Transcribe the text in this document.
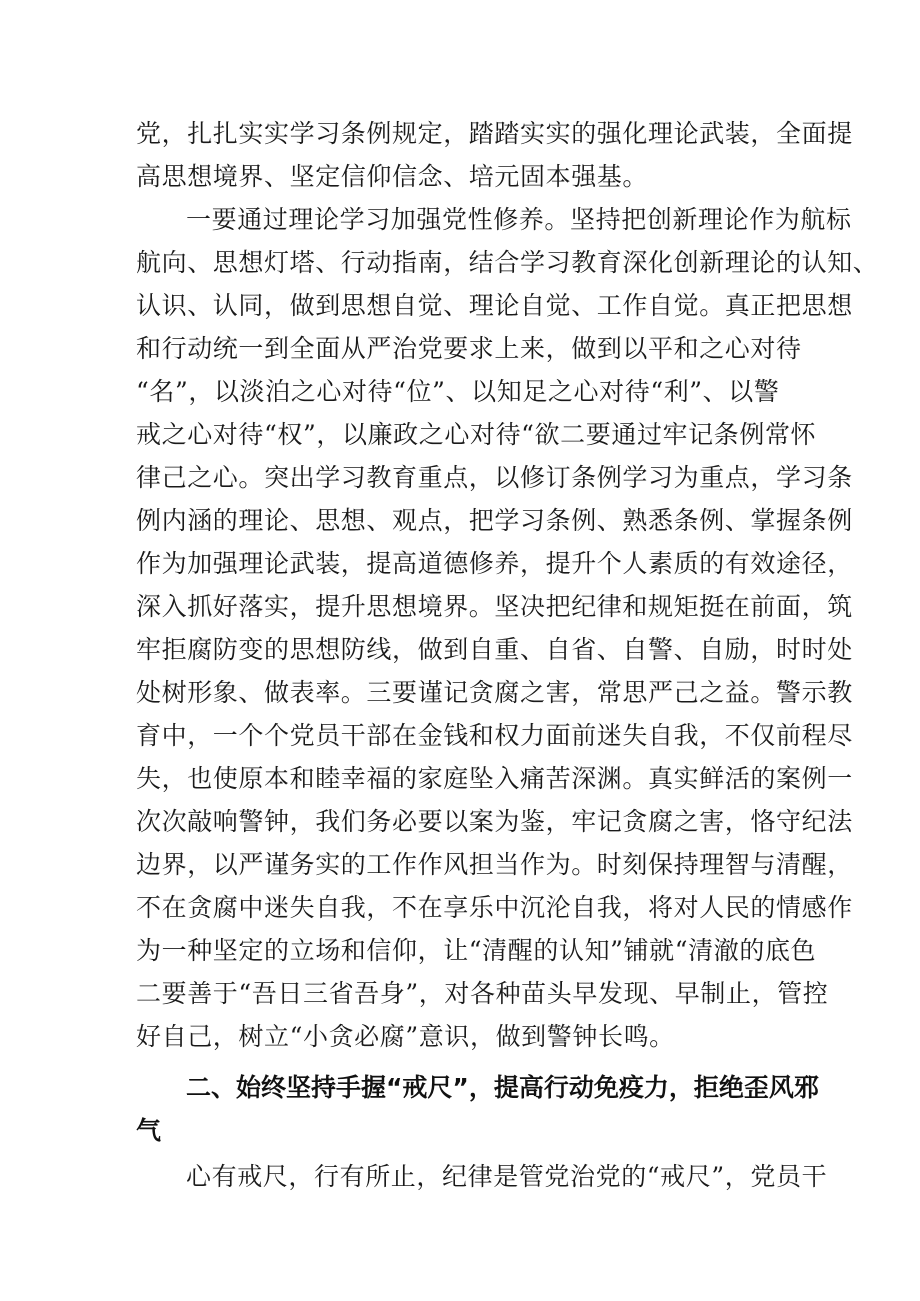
党，扎扎实实学习条例规定，踏踏实实的强化理论武装，全面提
高思想境界、坚定信仰信念、培元固本强基。
一要通过理论学习加强党性修养。坚持把创新理论作为航标
航向、思想灯塔、行动指南，结合学习教育深化创新理论的认知、
认识、认同，做到思想自觉、理论自觉、工作自觉。真正把思想
和行动统一到全面从严治党要求上来，做到以平和之心对待
“名”，以淡泊之心对待“位”、以知足之心对待“利”、以警
戒之心对待“权”，以廉政之心对待“欲二要通过牢记条例常怀
律己之心。突出学习教育重点，以修订条例学习为重点，学习条
例内涵的理论、思想、观点，把学习条例、熟悉条例、掌握条例
作为加强理论武装，提高道德修养，提升个人素质的有效途径，
深入抓好落实，提升思想境界。坚决把纪律和规矩挺在前面，筑
牢拒腐防变的思想防线，做到自重、自省、自警、自励，时时处
处树形象、做表率。三要谨记贪腐之害，常思严己之益。警示教
育中，一个个党员干部在金钱和权力面前迷失自我，不仅前程尽
失，也使原本和睦幸福的家庭坠入痛苦深渊。真实鲜活的案例一
次次敲响警钟，我们务必要以案为鉴，牢记贪腐之害，恪守纪法
边界，以严谨务实的工作作风担当作为。时刻保持理智与清醒，
不在贪腐中迷失自我，不在享乐中沉沦自我，将对人民的情感作
为一种坚定的立场和信仰，让“清醒的认知”铺就“清澈的底色
二要善于“吾日三省吾身”，对各种苗头早发现、早制止，管控
好自己，树立“小贪必腐”意识，做到警钟长鸣。
二、始终坚持手握“戒尺”，提高行动免疫力，拒绝歪风邪
气
心有戒尺，行有所止，纪律是管党治党的“戒尺”，党员干
